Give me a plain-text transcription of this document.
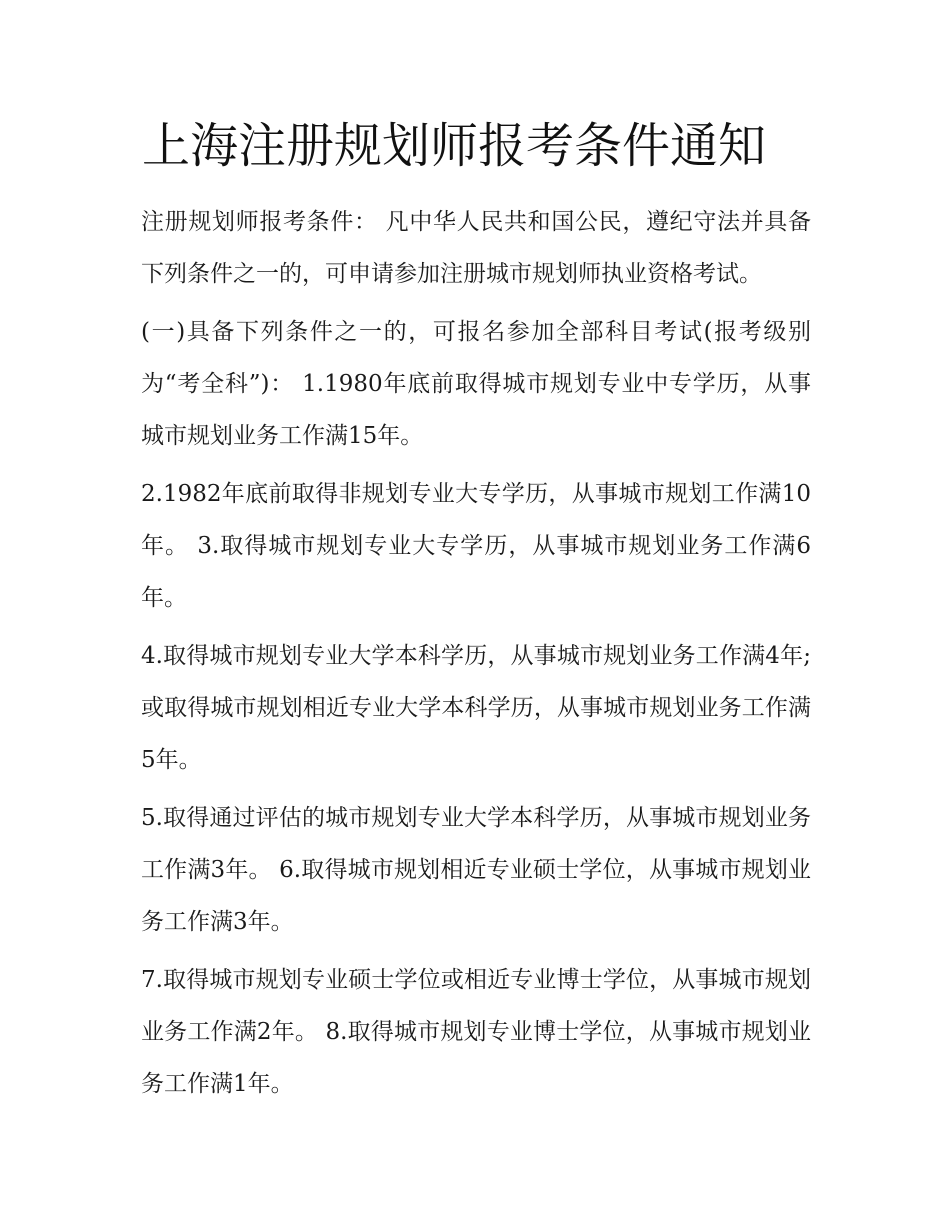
上海注册规划师报考条件通知

注册规划师报考条件： 凡中华人民共和国公民，遵纪守法并具备下列条件之一的，可申请参加注册城市规划师执业资格考试。

(一)具备下列条件之一的，可报名参加全部科目考试(报考级别为“考全科”)： 1.1980年底前取得城市规划专业中专学历，从事城市规划业务工作满15年。

2.1982年底前取得非规划专业大专学历，从事城市规划工作满10年。 3.取得城市规划专业大专学历，从事城市规划业务工作满6年。

4.取得城市规划专业大学本科学历，从事城市规划业务工作满4年;或取得城市规划相近专业大学本科学历，从事城市规划业务工作满5年。

5.取得通过评估的城市规划专业大学本科学历，从事城市规划业务工作满3年。 6.取得城市规划相近专业硕士学位，从事城市规划业务工作满3年。

7.取得城市规划专业硕士学位或相近专业博士学位，从事城市规划业务工作满2年。 8.取得城市规划专业博士学位，从事城市规划业务工作满1年。
